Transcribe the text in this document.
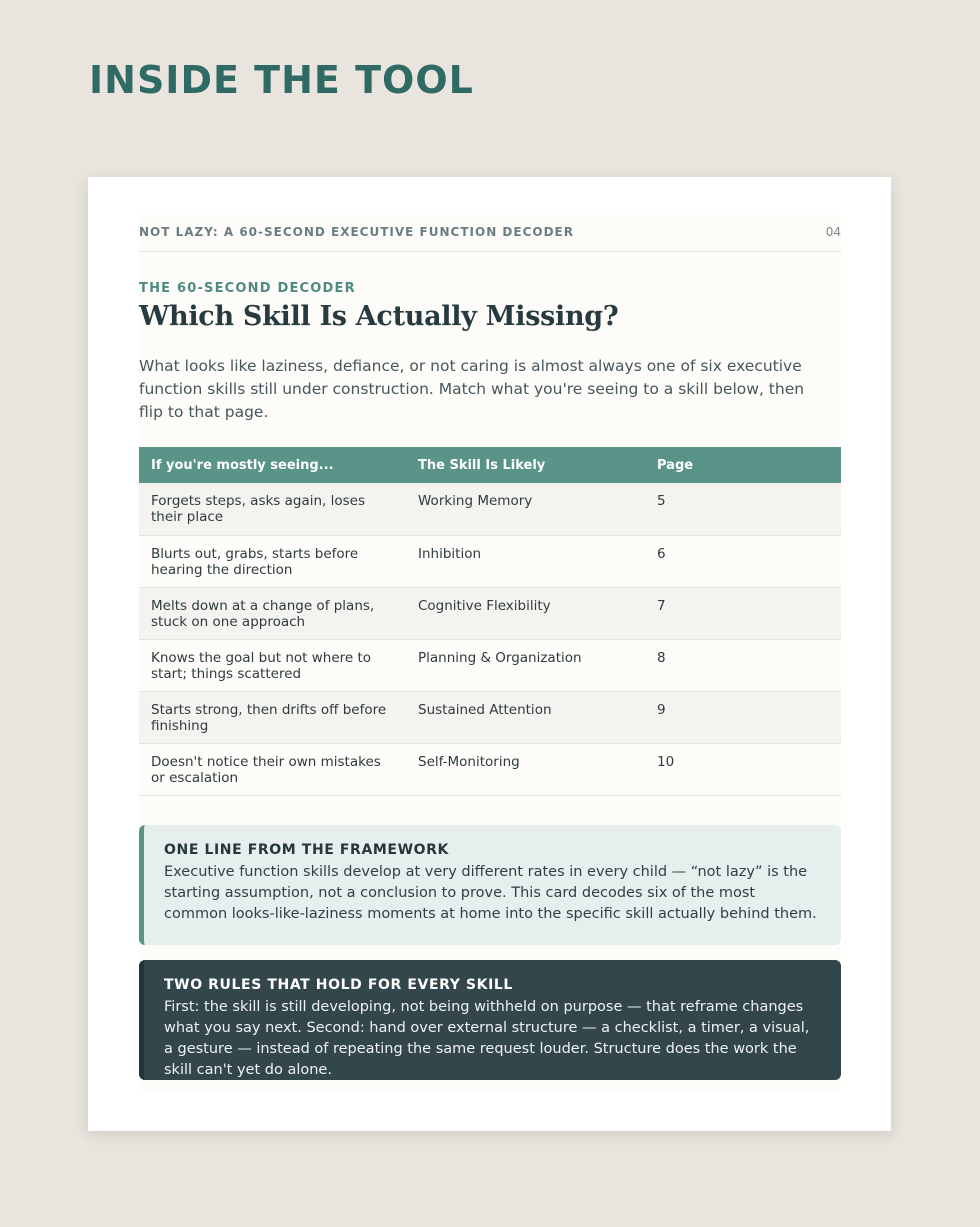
INSIDE THE TOOL
NOT LAZY: A 60-SECOND EXECUTIVE FUNCTION DECODER	04
THE 60-SECOND DECODER
Which Skill Is Actually Missing?

What looks like laziness, defiance, or not caring is almost always one of six executive function skills still under construction. Match what you're seeing to a skill below, then flip to that page.

If you're mostly seeing...	The Skill Is Likely	Page
Forgets steps, asks again, loses their place	Working Memory	5
Blurts out, grabs, starts before hearing the direction	Inhibition	6
Melts down at a change of plans, stuck on one approach	Cognitive Flexibility	7
Knows the goal but not where to start; things scattered	Planning & Organization	8
Starts strong, then drifts off before finishing	Sustained Attention	9
Doesn't notice their own mistakes or escalation	Self-Monitoring	10

ONE LINE FROM THE FRAMEWORK

Executive function skills develop at very different rates in every child — “not lazy” is the starting assumption, not a conclusion to prove. This card decodes six of the most common looks-like-laziness moments at home into the specific skill actually behind them.

TWO RULES THAT HOLD FOR EVERY SKILL

First: the skill is still developing, not being withheld on purpose — that reframe changes what you say next. Second: hand over external structure — a checklist, a timer, a visual, a gesture — instead of repeating the same request louder. Structure does the work the skill can't yet do alone.
